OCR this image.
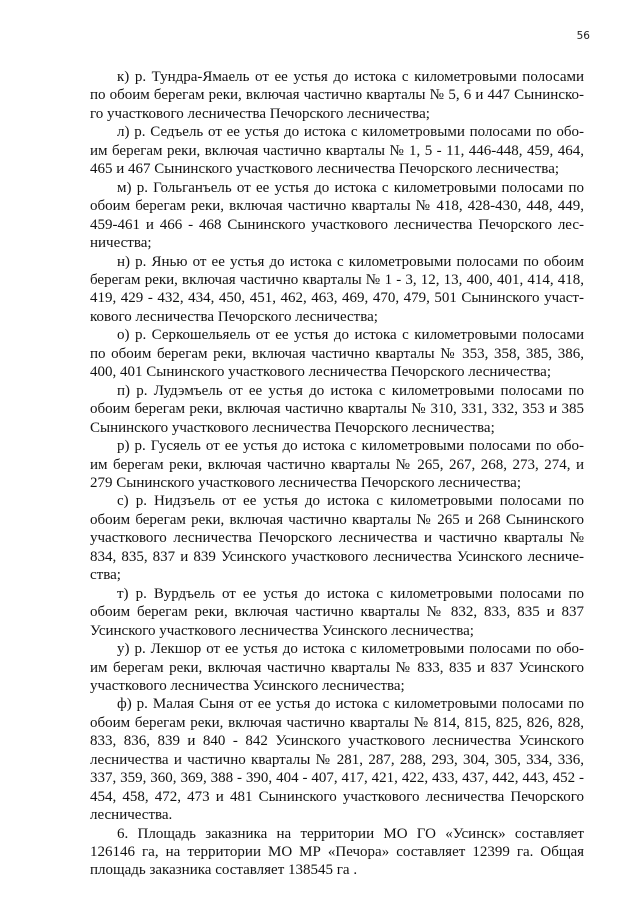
56
к) р. Тундра-Ямаель от ее устья до истока с километровыми полосами
по обоим берегам реки, включая частично кварталы № 5, 6 и 447 Сынинско-
го участкового лесничества Печорского лесничества;
л) р. Седъель от ее устья до истока с километровыми полосами по обо-
им берегам реки, включая частично кварталы № 1, 5 - 11, 446-448, 459, 464,
465 и 467 Сынинского участкового лесничества Печорского лесничества;
м) р. Гольганъель от ее устья до истока с километровыми полосами по
обоим берегам реки, включая частично кварталы № 418, 428-430, 448, 449,
459-461 и 466 - 468 Сынинского участкового лесничества Печорского лес-
ничества;
н) р. Янью от ее устья до истока с километровыми полосами по обоим
берегам реки, включая частично кварталы № 1 - 3, 12, 13, 400, 401, 414, 418,
419, 429 - 432, 434, 450, 451, 462, 463, 469, 470, 479, 501 Сынинского участ-
кового лесничества Печорского лесничества;
о) р. Серкошельяель от ее устья до истока с километровыми полосами
по обоим берегам реки, включая частично кварталы № 353, 358, 385, 386,
400, 401 Сынинского участкового лесничества Печорского лесничества;
п) р. Лудэмъель от ее устья до истока с километровыми полосами по
обоим берегам реки, включая частично кварталы № 310, 331, 332, 353 и 385
Сынинского участкового лесничества Печорского лесничества;
р) р. Гусяель от ее устья до истока с километровыми полосами по обо-
им берегам реки, включая частично кварталы № 265, 267, 268, 273, 274, и
279 Сынинского участкового лесничества Печорского лесничества;
с) р. Нидзъель от ее устья до истока с километровыми полосами по
обоим берегам реки, включая частично кварталы № 265 и 268 Сынинского
участкового лесничества Печорского лесничества и частично кварталы №
834, 835, 837 и 839 Усинского участкового лесничества Усинского лесниче-
ства;
т) р. Вурдъель от ее устья до истока с километровыми полосами по
обоим берегам реки, включая частично кварталы № 832, 833, 835 и 837
Усинского участкового лесничества Усинского лесничества;
у) р. Лекшор от ее устья до истока с километровыми полосами по обо-
им берегам реки, включая частично кварталы № 833, 835 и 837 Усинского
участкового лесничества Усинского лесничества;
ф) р. Малая Сыня от ее устья до истока с километровыми полосами по
обоим берегам реки, включая частично кварталы № 814, 815, 825, 826, 828,
833, 836, 839 и 840 - 842 Усинского участкового лесничества Усинского
лесничества и частично кварталы № 281, 287, 288, 293, 304, 305, 334, 336,
337, 359, 360, 369, 388 - 390, 404 - 407, 417, 421, 422, 433, 437, 442, 443, 452 -
454, 458, 472, 473 и 481 Сынинского участкового лесничества Печорского
лесничества.
6. Площадь заказника на территории МО ГО «Усинск» составляет
126146 га, на территории МО МР «Печора» составляет 12399 га. Общая
площадь заказника составляет 138545 га .
